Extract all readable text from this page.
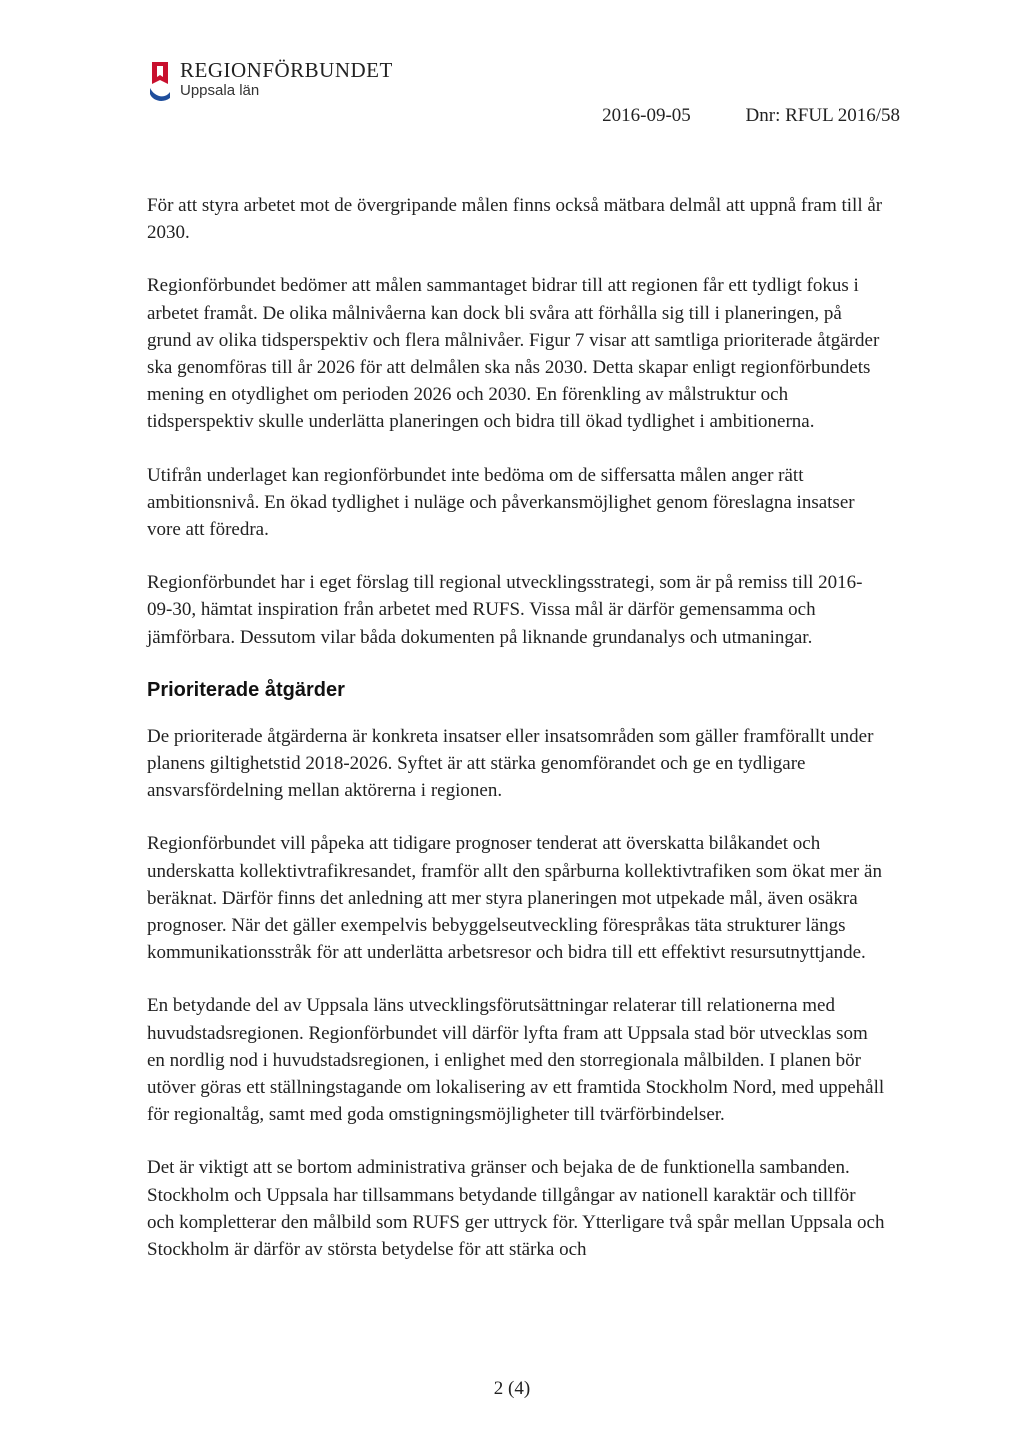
REGIONFÖRBUNDET
Uppsala län
2016-09-05	Dnr: RFUL 2016/58

För att styra arbetet mot de övergripande målen finns också mätbara delmål att uppnå fram till år 2030.

Regionförbundet bedömer att målen sammantaget bidrar till att regionen får ett tydligt fokus i arbetet framåt. De olika målnivåerna kan dock bli svåra att förhålla sig till i planeringen, på grund av olika tidsperspektiv och flera målnivåer. Figur 7 visar att samtliga prioriterade åtgärder ska genomföras till år 2026 för att delmålen ska nås 2030. Detta skapar enligt regionförbundets mening en otydlighet om perioden 2026 och 2030. En förenkling av målstruktur och tidsperspektiv skulle underlätta planeringen och bidra till ökad tydlighet i ambitionerna.

Utifrån underlaget kan regionförbundet inte bedöma om de siffersatta målen anger rätt ambitionsnivå. En ökad tydlighet i nuläge och påverkansmöjlighet genom föreslagna insatser vore att föredra.

Regionförbundet har i eget förslag till regional utvecklingsstrategi, som är på remiss till 2016-09-30, hämtat inspiration från arbetet med RUFS. Vissa mål är därför gemensamma och jämförbara. Dessutom vilar båda dokumenten på liknande grundanalys och utmaningar.

Prioriterade åtgärder

De prioriterade åtgärderna är konkreta insatser eller insatsområden som gäller framförallt under planens giltighetstid 2018-2026. Syftet är att stärka genomförandet och ge en tydligare ansvarsfördelning mellan aktörerna i regionen.

Regionförbundet vill påpeka att tidigare prognoser tenderat att överskatta bilåkandet och underskatta kollektivtrafikresandet, framför allt den spårburna kollektivtrafiken som ökat mer än beräknat. Därför finns det anledning att mer styra planeringen mot utpekade mål, även osäkra prognoser. När det gäller exempelvis bebyggelseutveckling förespråkas täta strukturer längs kommunikationsstråk för att underlätta arbetsresor och bidra till ett effektivt resursutnyttjande.

En betydande del av Uppsala läns utvecklingsförutsättningar relaterar till relationerna med huvudstadsregionen. Regionförbundet vill därför lyfta fram att Uppsala stad bör utvecklas som en nordlig nod i huvudstadsregionen, i enlighet med den storregionala målbilden. I planen bör utöver göras ett ställningstagande om lokalisering av ett framtida Stockholm Nord, med uppehåll för regionaltåg, samt med goda omstigningsmöjligheter till tvärförbindelser.

Det är viktigt att se bortom administrativa gränser och bejaka de de funktionella sambanden. Stockholm och Uppsala har tillsammans betydande tillgångar av nationell karaktär och tillför och kompletterar den målbild som RUFS ger uttryck för. Ytterligare två spår mellan Uppsala och Stockholm är därför av största betydelse för att stärka och

2 (4)
